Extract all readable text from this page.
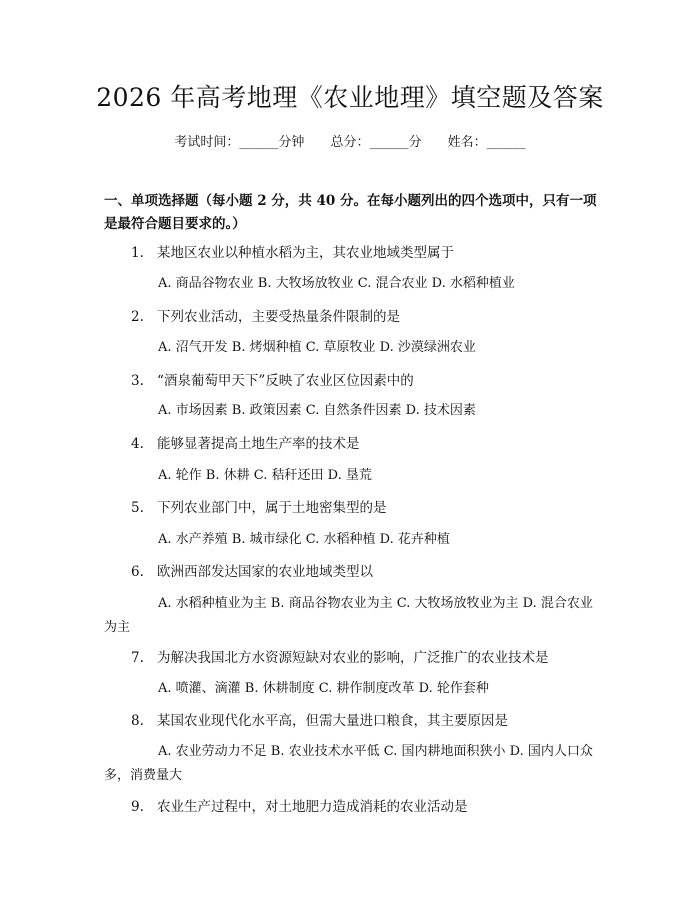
2026 年高考地理《农业地理》填空题及答案
考试时间：______分钟 总分：______分 姓名：______
一、单项选择题（每小题 2 分，共 40 分。在每小题列出的四个选项中，只有一项是最符合题目要求的。）
1. 某地区农业以种植水稻为主，其农业地域类型属于
A. 商品谷物农业 B. 大牧场放牧业 C. 混合农业 D. 水稻种植业
2. 下列农业活动，主要受热量条件限制的是
A. 沼气开发 B. 烤烟种植 C. 草原牧业 D. 沙漠绿洲农业
3. “酒泉葡萄甲天下”反映了农业区位因素中的
A. 市场因素 B. 政策因素 C. 自然条件因素 D. 技术因素
4. 能够显著提高土地生产率的技术是
A. 轮作 B. 休耕 C. 秸秆还田 D. 垦荒
5. 下列农业部门中，属于土地密集型的是
A. 水产养殖 B. 城市绿化 C. 水稻种植 D. 花卉种植
6. 欧洲西部发达国家的农业地域类型以
A. 水稻种植业为主 B. 商品谷物农业为主 C. 大牧场放牧业为主 D. 混合农业为主
7. 为解决我国北方水资源短缺对农业的影响，广泛推广的农业技术是
A. 喷灌、滴灌 B. 休耕制度 C. 耕作制度改革 D. 轮作套种
8. 某国农业现代化水平高，但需大量进口粮食，其主要原因是
A. 农业劳动力不足 B. 农业技术水平低 C. 国内耕地面积狭小 D. 国内人口众多，消费量大
9. 农业生产过程中，对土地肥力造成消耗的农业活动是
